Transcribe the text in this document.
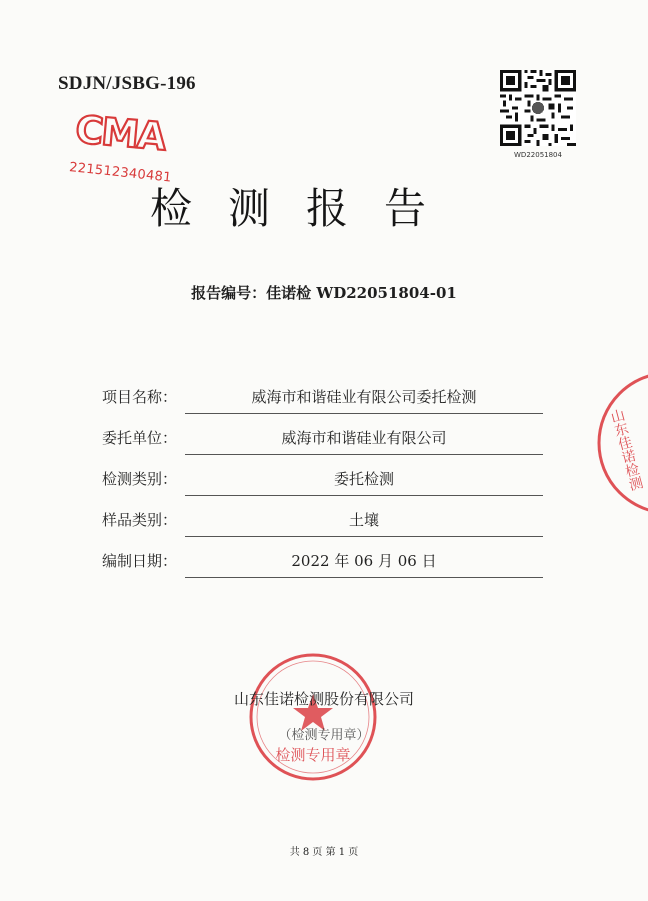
SDJN/JSBG-196
WD22051804
CMA
221512340481
检测报告
报告编号：佳诺检 WD22051804-01
项目名称：	威海市和谐硅业有限公司委托检测
委托单位：	威海市和谐硅业有限公司
检测类别：	委托检测
样品类别：	土壤
编制日期：	2022 年 06 月 06 日
检测专用章
山东佳诺检测股份有限公司
（检测专用章）
山东佳诺检测
共 8 页 第 1 页
